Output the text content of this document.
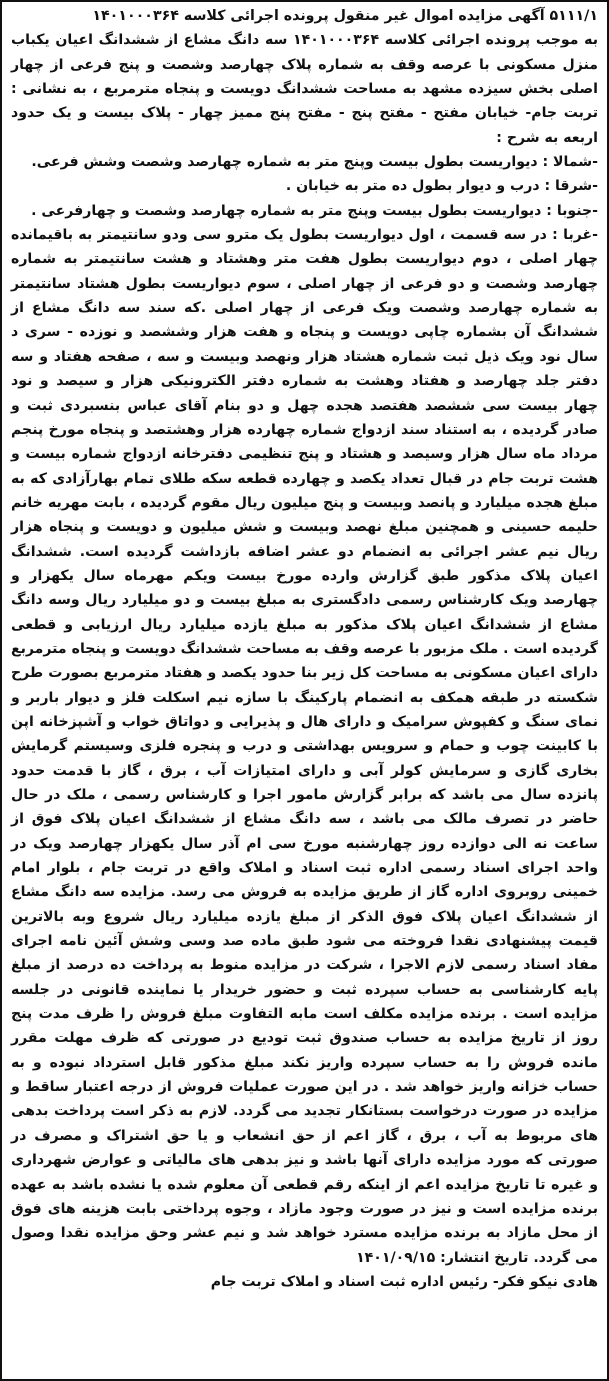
۵۱۱۱/۱ آگهی مزایده اموال غیر منقول پرونده اجرائی کلاسه ۱۴۰۱۰۰۰۳۶۴
به موجب پرونده اجرائی کلاسه ۱۴۰۱۰۰۰۳۶۴ سه دانگ مشاع از ششدانگ اعیان یکباب منزل مسکونی با عرصه وقف به شماره پلاک چهارصد وشصت و پنج فرعی از چهار اصلی بخش سیزده مشهد به مساحت ششدانگ دویست و پنجاه مترمربع ، به نشانی : تربت جام- خیابان مفتح - مفتح پنج - مفتح پنج ممیز چهار - پلاک بیست و یک حدود اربعه به شرح :
-شمالا : دیواریست بطول بیست وپنج متر به شماره چهارصد وشصت وشش فرعی.
-شرقا : درب و دیوار بطول ده متر به خیابان .
-جنوبا : دیواریست بطول بیست وپنج متر به شماره چهارصد وشصت و چهارفرعی .
-غربا : در سه قسمت ، اول دیواریست بطول یک مترو سی ودو سانتیمتر به باقیمانده چهار اصلی ، دوم دیواریست بطول هفت متر وهشتاد و هشت سانتیمتر به شماره چهارصد وشصت و دو فرعی از چهار اصلی ، سوم دیواریست بطول هشتاد سانتیمتر به شماره چهارصد وشصت ویک فرعی از چهار اصلی .که سند سه دانگ مشاع از ششدانگ آن بشماره چاپی دویست و پنجاه و هفت هزار وششصد و نوزده - سری د سال نود ویک ذیل ثبت شماره هشتاد هزار ونهصد وبیست و سه ، صفحه هفتاد و سه دفتر جلد چهارصد و هفتاد وهشت به شماره دفتر الکترونیکی هزار و سیصد و نود چهار بیست سی ششصد هفتصد هجده چهل و دو بنام آقای عباس بنسبردی ثبت و صادر گردیده ، به استناد سند ازدواج شماره چهارده هزار وهشتصد و پنجاه مورخ پنجم مرداد ماه سال هزار وسیصد و هشتاد و پنج تنظیمی دفترخانه ازدواج شماره بیست و هشت تربت جام در قبال تعداد یکصد و چهارده قطعه سکه طلای تمام بهارآزادی که به مبلغ هجده میلیارد و پانصد وبیست و پنج میلیون ریال مقوم گردیده ، بابت مهریه خانم حلیمه حسینی و همچنین مبلغ نهصد وبیست و شش میلیون و دویست و پنجاه هزار ریال نیم عشر اجرائی به انضمام دو عشر اضافه بازداشت گردیده است. ششدانگ اعیان پلاک مذکور طبق گزارش وارده مورخ بیست ویکم مهرماه سال یکهزار و چهارصد ویک کارشناس رسمی دادگستری به مبلغ بیست و دو میلیارد ریال وسه دانگ مشاع از ششدانگ اعیان پلاک مذکور به مبلغ یازده میلیارد ریال ارزیابی و قطعی گردیده است . ملک مزبور با عرصه وقف به مساحت ششدانگ دویست و پنجاه مترمربع دارای اعیان مسکونی به مساحت کل زیر بنا حدود یکصد و هفتاد مترمربع بصورت طرح شکسته در طبقه همکف به انضمام پارکینگ با سازه نیم اسکلت فلز و دیوار باربر و نمای سنگ و کفپوش سرامیک و دارای هال و پذیرایی و دواتاق خواب و آشپزخانه اپن با کابینت چوب و حمام و سرویس بهداشتی و درب و پنجره فلزی وسیستم گرمایش بخاری گازی و سرمایش کولر آبی و دارای امتیازات آب ، برق ، گاز با قدمت حدود پانزده سال می باشد که برابر گزارش مامور اجرا و کارشناس رسمی ، ملک در حال حاضر در تصرف مالک می باشد ، سه دانگ مشاع از ششدانگ اعیان پلاک فوق از ساعت نه الی دوازده روز چهارشنبه مورخ سی ام آذر سال یکهزار چهارصد ویک در واحد اجرای اسناد رسمی اداره ثبت اسناد و املاک واقع در تربت جام ، بلوار امام خمینی روبروی اداره گاز از طریق مزایده به فروش می رسد. مزایده سه دانگ مشاع از ششدانگ اعیان پلاک فوق الذکر از مبلغ یازده میلیارد ریال شروع وبه بالاترین قیمت پیشنهادی نقدا فروخته می شود طبق ماده صد وسی وشش آئین نامه اجرای مفاد اسناد رسمی لازم الاجرا ، شرکت در مزایده منوط به پرداخت ده درصد از مبلغ پایه کارشناسی به حساب سپرده ثبت و حضور خریدار یا نماینده قانونی در جلسه مزایده است . برنده مزایده مکلف است مابه التفاوت مبلغ فروش را ظرف مدت پنج روز از تاریخ مزایده به حساب صندوق ثبت تودیع در صورتی که ظرف مهلت مقرر مانده فروش را به حساب سپرده واریز نکند مبلغ مذکور قابل استرداد نبوده و به حساب خزانه واریز خواهد شد . در این صورت عملیات فروش از درجه اعتبار ساقط و مزایده در صورت درخواست بستانکار تجدید می گردد. لازم به ذکر است پرداخت بدهی های مربوط به آب ، برق ، گاز اعم از حق انشعاب و یا حق اشتراک و مصرف در صورتی که مورد مزایده دارای آنها باشد و نیز بدهی های مالیاتی و عوارض شهرداری و غیره تا تاریخ مزایده اعم از اینکه رقم قطعی آن معلوم شده یا نشده باشد به عهده برنده مزایده است و نیز در صورت وجود مازاد ، وجوه پرداختی بابت هزینه های فوق از محل مازاد به برنده مزایده مسترد خواهد شد و نیم عشر وحق مزایده نقدا وصول می گردد. تاریخ انتشار: ۱۴۰۱/۰۹/۱۵
هادی نیکو فکر- رئیس اداره ثبت اسناد و املاک تربت جام
